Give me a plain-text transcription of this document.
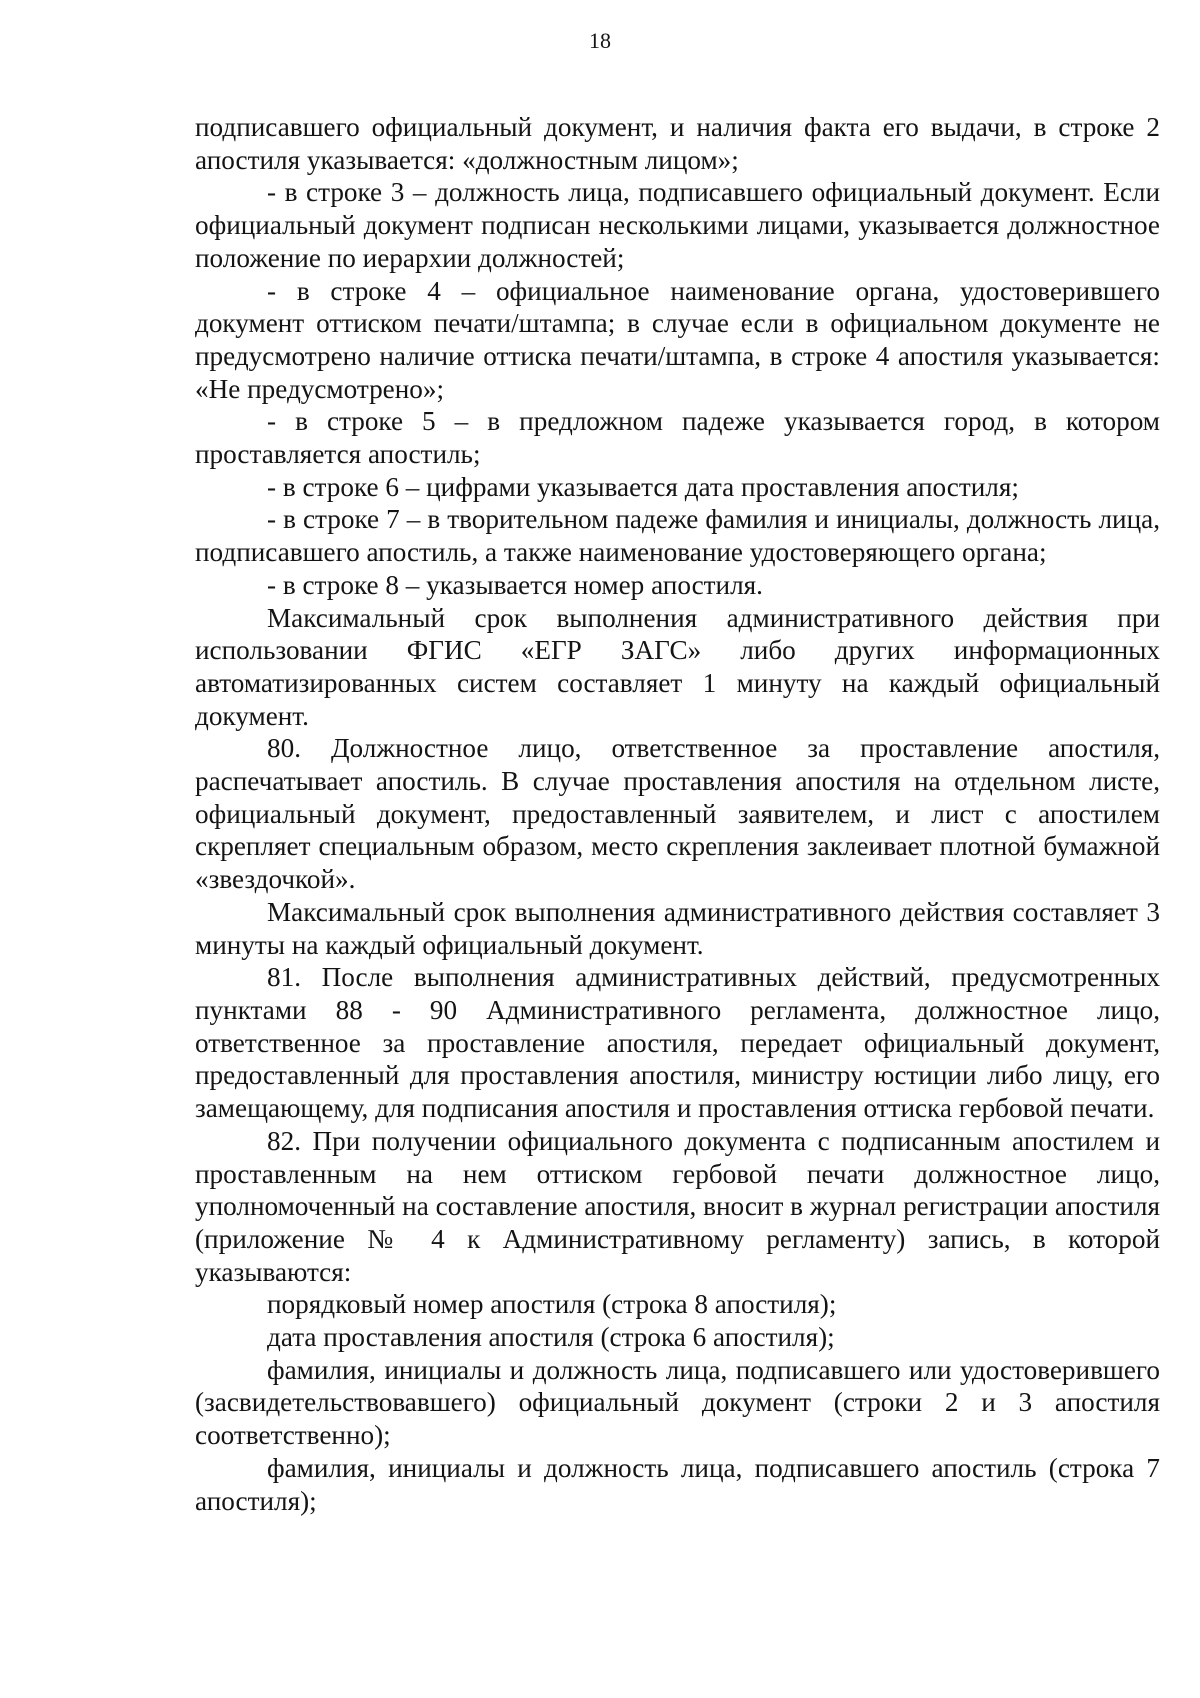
18

подписавшего официальный документ, и наличия факта его выдачи, в строке 2 апостиля указывается: «должностным лицом»;

- в строке 3 – должность лица, подписавшего официальный документ. Если официальный документ подписан несколькими лицами, указывается должностное положение по иерархии должностей;

- в строке 4 – официальное наименование органа, удостоверившего документ оттиском печати/штампа; в случае если в официальном документе не предусмотрено наличие оттиска печати/штампа, в строке 4 апостиля указывается: «Не предусмотрено»;

- в строке 5 – в предложном падеже указывается город, в котором проставляется апостиль;

- в строке 6 – цифрами указывается дата проставления апостиля;

- в строке 7 – в творительном падеже фамилия и инициалы, должность лица, подписавшего апостиль, а также наименование удостоверяющего органа;

- в строке 8 – указывается номер апостиля.

Максимальный срок выполнения административного действия при использовании ФГИС «ЕГР ЗАГС» либо других информационных автоматизированных систем составляет 1 минуту на каждый официальный документ.

80. Должностное лицо, ответственное за проставление апостиля, распечатывает апостиль. В случае проставления апостиля на отдельном листе, официальный документ, предоставленный заявителем, и лист с апостилем скрепляет специальным образом, место скрепления заклеивает плотной бумажной «звездочкой».

Максимальный срок выполнения административного действия составляет 3 минуты на каждый официальный документ.

81. После выполнения административных действий, предусмотренных пунктами 88 - 90 Административного регламента, должностное лицо, ответственное за проставление апостиля, передает официальный документ, предоставленный для проставления апостиля, министру юстиции либо лицу, его замещающему, для подписания апостиля и проставления оттиска гербовой печати.

82. При получении официального документа с подписанным апостилем и проставленным на нем оттиском гербовой печати должностное лицо, уполномоченный на составление апостиля, вносит в журнал регистрации апостиля (приложение № 4 к Административному регламенту) запись, в которой указываются:

порядковый номер апостиля (строка 8 апостиля);

дата проставления апостиля (строка 6 апостиля);

фамилия, инициалы и должность лица, подписавшего или удостоверившего (засвидетельствовавшего) официальный документ (строки 2 и 3 апостиля соответственно);

фамилия, инициалы и должность лица, подписавшего апостиль (строка 7 апостиля);
